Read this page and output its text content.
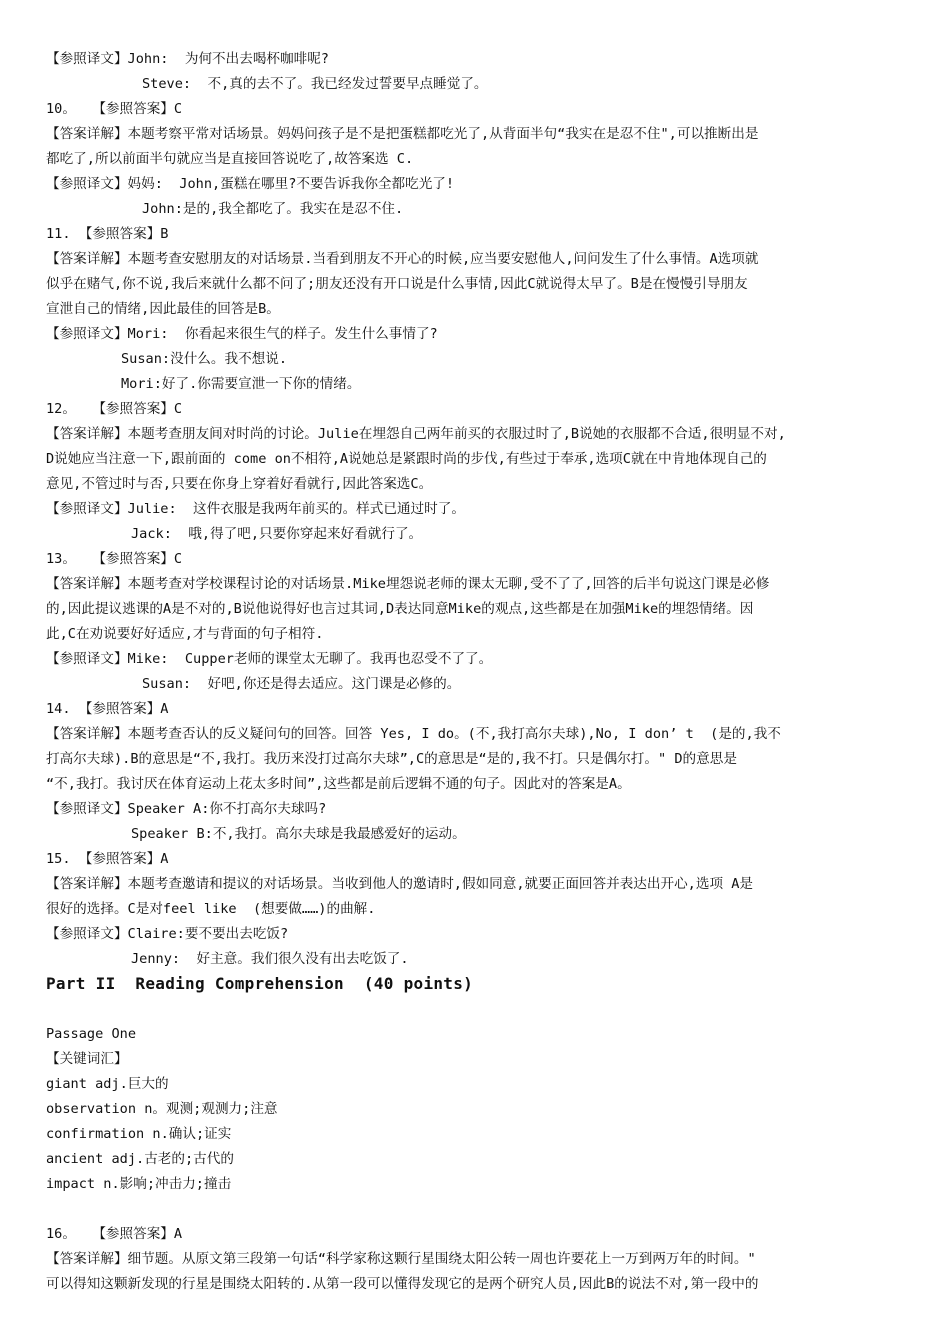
【参照译文】John:  为何不出去喝杯咖啡呢?
Steve:  不,真的去不了。我已经发过誓要早点睡觉了。
10。  【参照答案】C
【答案详解】本题考察平常对话场景。妈妈问孩子是不是把蛋糕都吃光了,从背面半句“我实在是忍不住",可以推断出是
都吃了,所以前面半句就应当是直接回答说吃了,故答案选 C.
【参照译文】妈妈:  John,蛋糕在哪里?不要告诉我你全都吃光了!
John:是的,我全都吃了。我实在是忍不住.
11. 【参照答案】B
【答案详解】本题考查安慰朋友的对话场景.当看到朋友不开心的时候,应当要安慰他人,问问发生了什么事情。A选项就
似乎在赌气,你不说,我后来就什么都不问了;朋友还没有开口说是什么事情,因此C就说得太早了。B是在慢慢引导朋友
宣泄自己的情绪,因此最佳的回答是B。
【参照译文】Mori:  你看起来很生气的样子。发生什么事情了?
Susan:没什么。我不想说.
Mori:好了.你需要宣泄一下你的情绪。
12。  【参照答案】C
【答案详解】本题考查朋友间对时尚的讨论。Julie在埋怨自己两年前买的衣服过时了,B说她的衣服都不合适,很明显不对,
D说她应当注意一下,跟前面的 come on不相符,A说她总是紧跟时尚的步伐,有些过于奉承,选项C就在中肯地体现自己的
意见,不管过时与否,只要在你身上穿着好看就行,因此答案选C。
【参照译文】Julie:  这件衣服是我两年前买的。样式已通过时了。
Jack:  哦,得了吧,只要你穿起来好看就行了。
13。  【参照答案】C
【答案详解】本题考查对学校课程讨论的对话场景.Mike埋怨说老师的课太无聊,受不了了,回答的后半句说这门课是必修
的,因此提议逃课的A是不对的,B说他说得好也言过其词,D表达同意Mike的观点,这些都是在加强Mike的埋怨情绪。因
此,C在劝说要好好适应,才与背面的句子相符.
【参照译文】Mike:  Cupper老师的课堂太无聊了。我再也忍受不了了。
Susan:  好吧,你还是得去适应。这门课是必修的。
14. 【参照答案】A
【答案详解】本题考查否认的反义疑问句的回答。回答 Yes, I do。(不,我打高尔夫球),No, I don’ t  (是的,我不
打高尔夫球).B的意思是“不,我打。我历来没打过高尔夫球”,C的意思是“是的,我不打。只是偶尔打。" D的意思是
“不,我打。我讨厌在体育运动上花太多时间”,这些都是前后逻辑不通的句子。因此对的答案是A。
【参照译文】Speaker A:你不打高尔夫球吗?
Speaker B:不,我打。高尔夫球是我最感爱好的运动。
15. 【参照答案】A
【答案详解】本题考查邀请和提议的对话场景。当收到他人的邀请时,假如同意,就要正面回答并表达出开心,选项 A是
很好的选择。C是对feel like  (想要做……)的曲解.
【参照译文】Claire:要不要出去吃饭?
Jenny:  好主意。我们很久没有出去吃饭了.
Part II  Reading Comprehension  (40 points)
Passage One
【关键词汇】
giant adj.巨大的
observation n。观测;观测力;注意
confirmation n.确认;证实
ancient adj.古老的;古代的
impact n.影响;冲击力;撞击
16。  【参照答案】A
【答案详解】细节题。从原文第三段第一句话“科学家称这颗行星围绕太阳公转一周也许要花上一万到两万年的时间。"
可以得知这颗新发现的行星是围绕太阳转的.从第一段可以懂得发现它的是两个研究人员,因此B的说法不对,第一段中的
